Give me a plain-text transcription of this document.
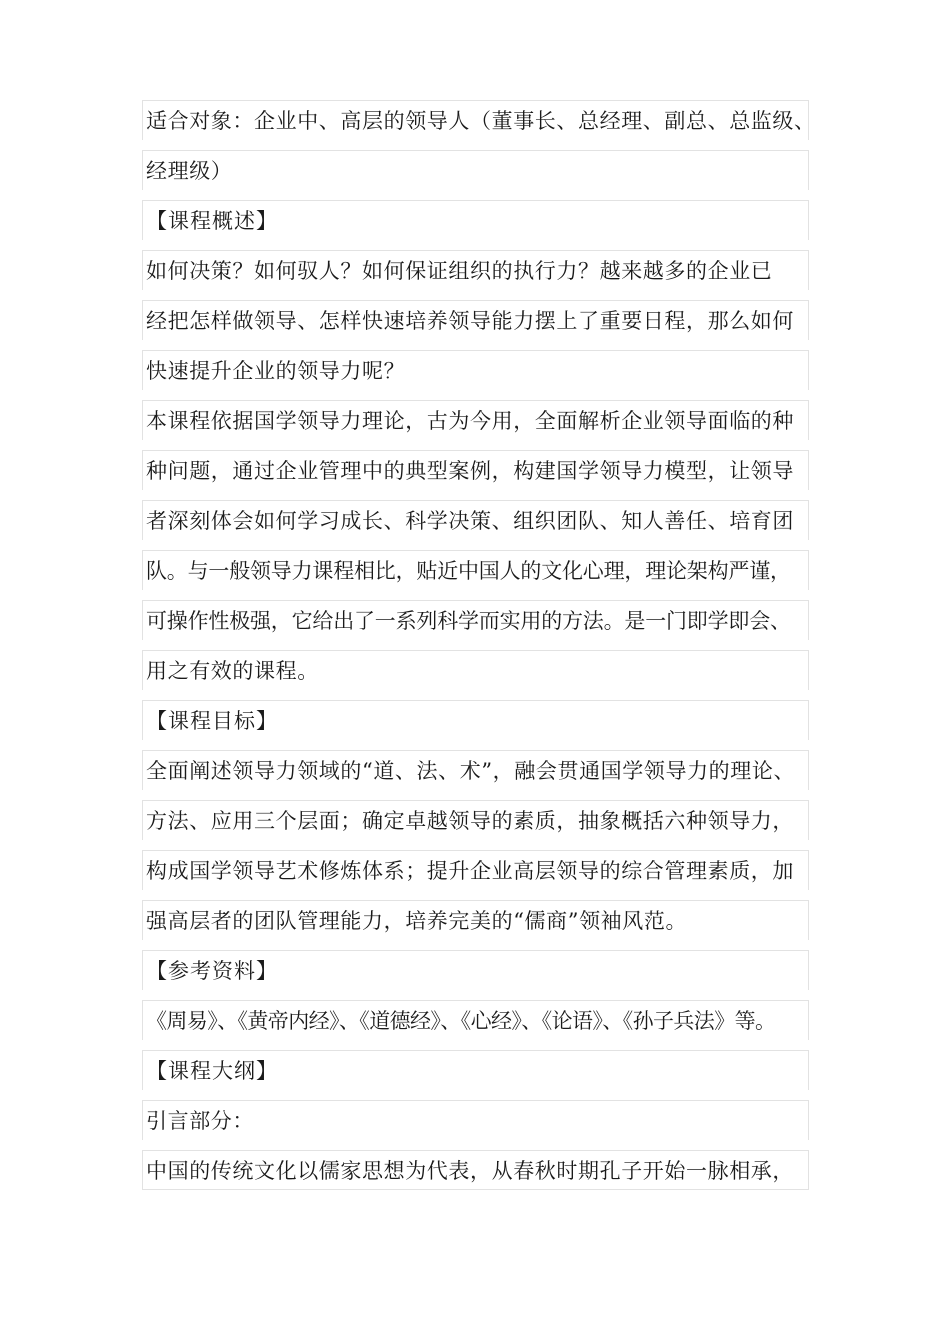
适合对象：企业中、高层的领导人（董事长、总经理、副总、总监级、
经理级）
【课程概述】
如何决策？如何驭人？如何保证组织的执行力？越来越多的企业已
经把怎样做领导、怎样快速培养领导能力摆上了重要日程，那么如何
快速提升企业的领导力呢？
本课程依据国学领导力理论，古为今用，全面解析企业领导面临的种
种问题，通过企业管理中的典型案例，构建国学领导力模型，让领导
者深刻体会如何学习成长、科学决策、组织团队、知人善任、培育团
队。与一般领导力课程相比，贴近中国人的文化心理，理论架构严谨，
可操作性极强，它给出了一系列科学而实用的方法。是一门即学即会、
用之有效的课程。
【课程目标】
全面阐述领导力领域的“道、法、术”，融会贯通国学领导力的理论、
方法、应用三个层面；确定卓越领导的素质，抽象概括六种领导力，
构成国学领导艺术修炼体系；提升企业高层领导的综合管理素质，加
强高层者的团队管理能力，培养完美的“儒商”领袖风范。
【参考资料】
《周易》、《黄帝内经》、《道德经》、《心经》、《论语》、《孙子兵法》等。
【课程大纲】
引言部分：
中国的传统文化以儒家思想为代表，从春秋时期孔子开始一脉相承，
